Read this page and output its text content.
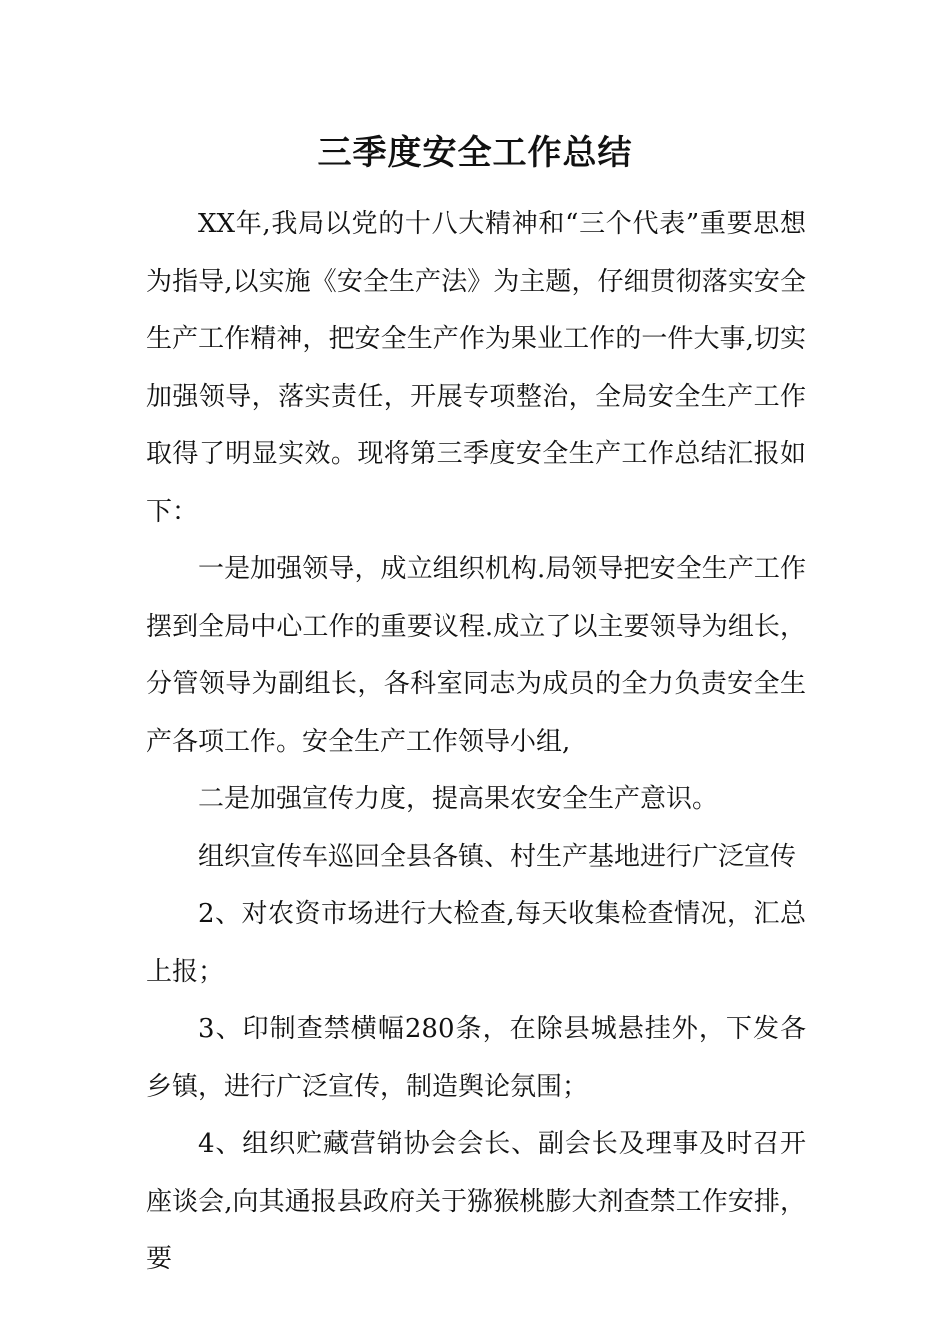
三季度安全工作总结

XX年,我局以党的十八大精神和“三个代表”重要思想为指导,以实施《安全生产法》为主题，仔细贯彻落实安全生产工作精神，把安全生产作为果业工作的一件大事,切实加强领导，落实责任，开展专项整治，全局安全生产工作取得了明显实效。现将第三季度安全生产工作总结汇报如下：

一是加强领导，成立组织机构.局领导把安全生产工作摆到全局中心工作的重要议程.成立了以主要领导为组长，分管领导为副组长，各科室同志为成员的全力负责安全生产各项工作。安全生产工作领导小组,

二是加强宣传力度，提高果农安全生产意识。

组织宣传车巡回全县各镇、村生产基地进行广泛宣传

2、对农资市场进行大检查,每天收集检查情况，汇总上报；

3、印制查禁横幅280条，在除县城悬挂外，下发各乡镇，进行广泛宣传，制造舆论氛围；

4、组织贮藏营销协会会长、副会长及理事及时召开座谈会,向其通报县政府关于猕猴桃膨大剂查禁工作安排，要
